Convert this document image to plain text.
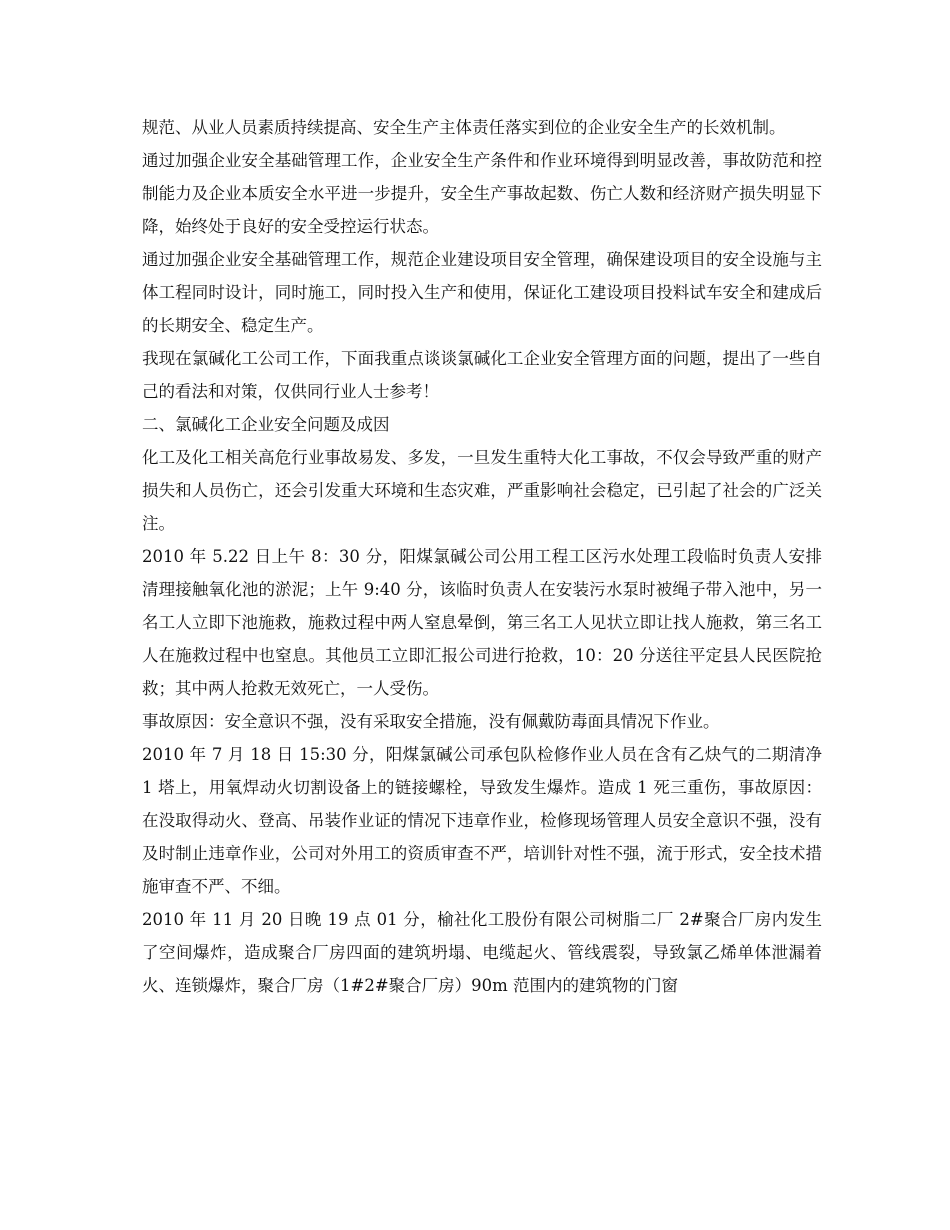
规范、从业人员素质持续提高、安全生产主体责任落实到位的企业安全生产的长效机制。

通过加强企业安全基础管理工作，企业安全生产条件和作业环境得到明显改善，事故防范和控制能力及企业本质安全水平进一步提升，安全生产事故起数、伤亡人数和经济财产损失明显下降，始终处于良好的安全受控运行状态。

通过加强企业安全基础管理工作，规范企业建设项目安全管理，确保建设项目的安全设施与主体工程同时设计，同时施工，同时投入生产和使用，保证化工建设项目投料试车安全和建成后的长期安全、稳定生产。

我现在氯碱化工公司工作，下面我重点谈谈氯碱化工企业安全管理方面的问题，提出了一些自己的看法和对策，仅供同行业人士参考！

二、氯碱化工企业安全问题及成因

化工及化工相关高危行业事故易发、多发，一旦发生重特大化工事故，不仅会导致严重的财产损失和人员伤亡，还会引发重大环境和生态灾难，严重影响社会稳定，已引起了社会的广泛关注。

2010 年 5.22 日上午 8：30 分，阳煤氯碱公司公用工程工区污水处理工段临时负责人安排清理接触氧化池的淤泥；上午 9:40 分，该临时负责人在安装污水泵时被绳子带入池中，另一名工人立即下池施救，施救过程中两人窒息晕倒，第三名工人见状立即让找人施救，第三名工人在施救过程中也窒息。其他员工立即汇报公司进行抢救，10：20 分送往平定县人民医院抢救；其中两人抢救无效死亡，一人受伤。

事故原因：安全意识不强，没有采取安全措施，没有佩戴防毒面具情况下作业。

2010 年 7 月 18 日 15:30 分，阳煤氯碱公司承包队检修作业人员在含有乙炔气的二期清净 1 塔上，用氧焊动火切割设备上的链接螺栓，导致发生爆炸。造成 1 死三重伤，事故原因：在没取得动火、登高、吊装作业证的情况下违章作业，检修现场管理人员安全意识不强，没有及时制止违章作业，公司对外用工的资质审查不严，培训针对性不强，流于形式，安全技术措施审查不严、不细。

2010 年 11 月 20 日晚 19 点 01 分，榆社化工股份有限公司树脂二厂 2#聚合厂房内发生了空间爆炸，造成聚合厂房四面的建筑坍塌、电缆起火、管线震裂，导致氯乙烯单体泄漏着火、连锁爆炸，聚合厂房（1#2#聚合厂房）90m 范围内的建筑物的门窗
